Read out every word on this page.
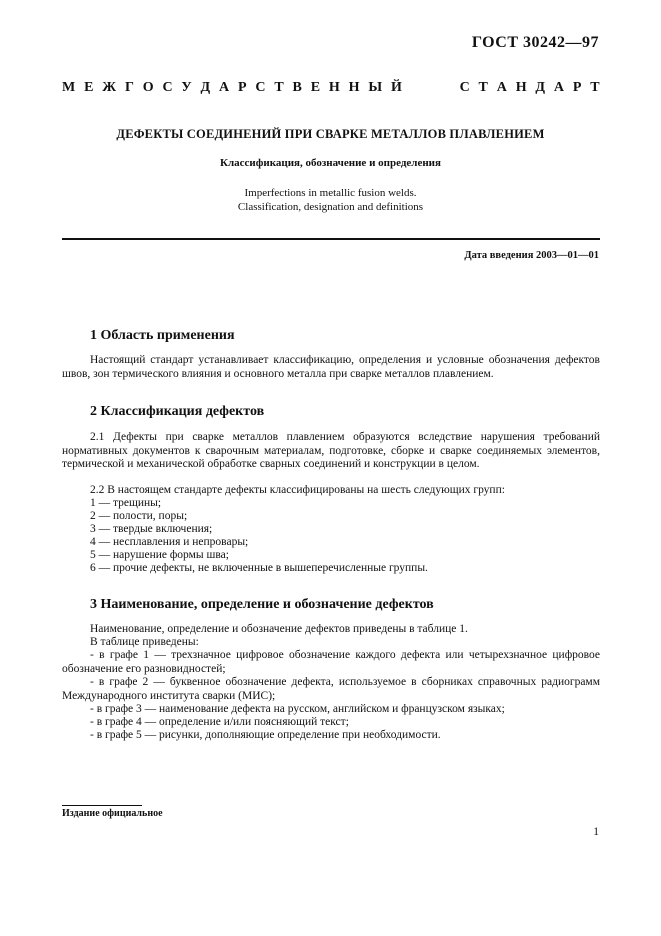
ГОСТ 30242—97
М Е Ж Г О С У Д А Р С Т В Е Н Н Ы Й	С Т А Н Д А Р Т
ДЕФЕКТЫ СОЕДИНЕНИЙ ПРИ СВАРКЕ МЕТАЛЛОВ ПЛАВЛЕНИЕМ
Классификация, обозначение и определения
Imperfections in metallic fusion welds.
Classification, designation and definitions
Дата введения 2003—01—01
1 Область применения
Настоящий стандарт устанавливает классификацию, определения и условные обозначения дефектов швов, зон термического влияния и основного металла при сварке металлов плавлением.
2 Классификация дефектов
2.1 Дефекты при сварке металлов плавлением образуются вследствие нарушения требований нормативных документов к сварочным материалам, подготовке, сборке и сварке соединяемых элементов, термической и механической обработке сварных соединений и конструкции в целом.
2.2 В настоящем стандарте дефекты классифицированы на шесть следующих групп:
1 — трещины;
2 — полости, поры;
3 — твердые включения;
4 — несплавления и непровары;
5 — нарушение формы шва;
6 — прочие дефекты, не включенные в вышеперечисленные группы.
3 Наименование, определение и обозначение дефектов
Наименование, определение и обозначение дефектов приведены в таблице 1.
В таблице приведены:
- в графе 1 — трехзначное цифровое обозначение каждого дефекта или четырехзначное цифровое обозначение его разновидностей;
- в графе 2 — буквенное обозначение дефекта, используемое в сборниках справочных радиограмм Международного института сварки (МИС);
- в графе 3 — наименование дефекта на русском, английском и французском языках;
- в графе 4 — определение и/или поясняющий текст;
- в графе 5 — рисунки, дополняющие определение при необходимости.
Издание официальное
1
